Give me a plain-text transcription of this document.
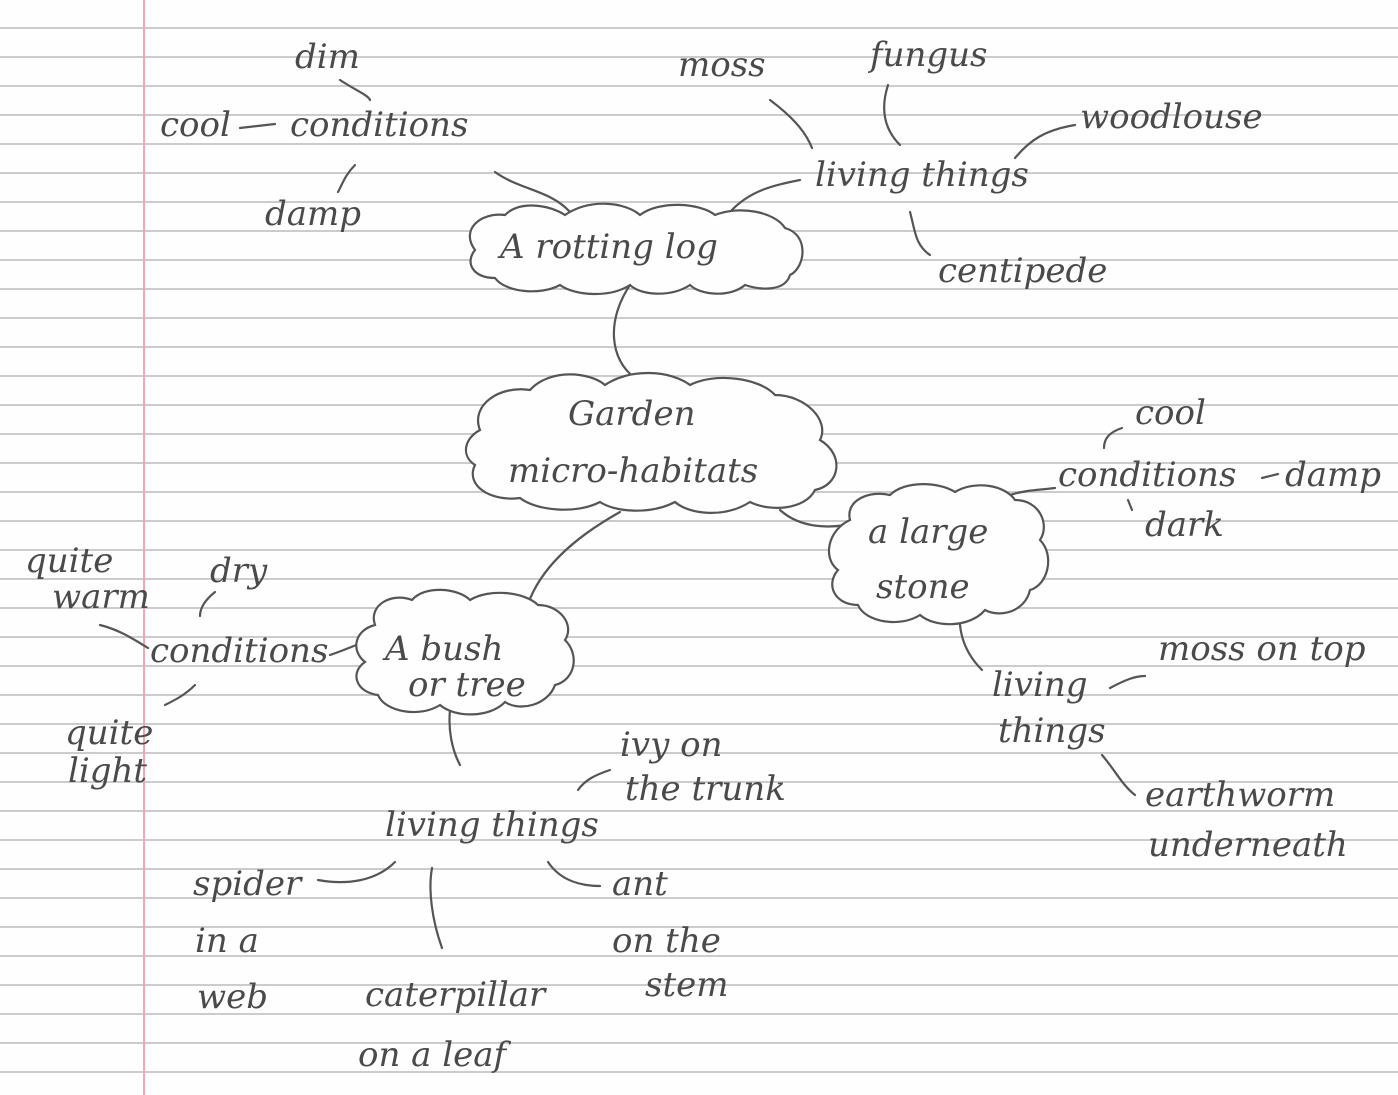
Garden
micro-habitats
A rotting log
conditions
cool
dim
damp
living things
moss	fungus
woodlouse
centipede
a large
stone
conditions
cool
damp
dark
living
things
moss on top
earthworm
underneath
A bush
or tree
conditions
dry
quite
warm
quite
light
living things
ivy on
the trunk
spider
in a
web	caterpillar
on a leaf
ant
on the
stem
